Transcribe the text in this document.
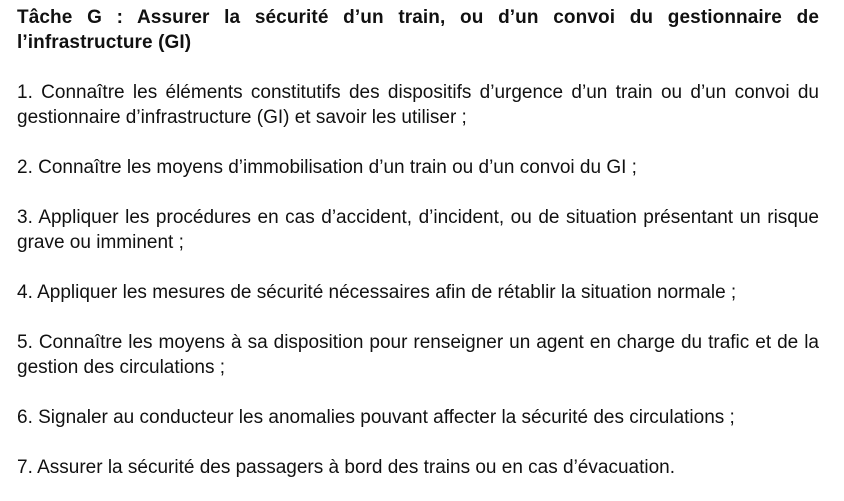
Tâche G : Assurer la sécurité d’un train, ou d’un convoi du gestionnaire de l’infrastructure (GI)
1. Connaître les éléments constitutifs des dispositifs d’urgence d’un train ou d’un convoi du gestionnaire d’infrastructure (GI) et savoir les utiliser ;
2. Connaître les moyens d’immobilisation d’un train ou d’un convoi du GI ;
3. Appliquer les procédures en cas d’accident, d’incident, ou de situation présentant un risque grave ou imminent ;
4. Appliquer les mesures de sécurité nécessaires afin de rétablir la situation normale ;
5. Connaître les moyens à sa disposition pour renseigner un agent en charge du trafic et de la gestion des circulations ;
6. Signaler au conducteur les anomalies pouvant affecter la sécurité des circulations ;
7. Assurer la sécurité des passagers à bord des trains ou en cas d’évacuation.
